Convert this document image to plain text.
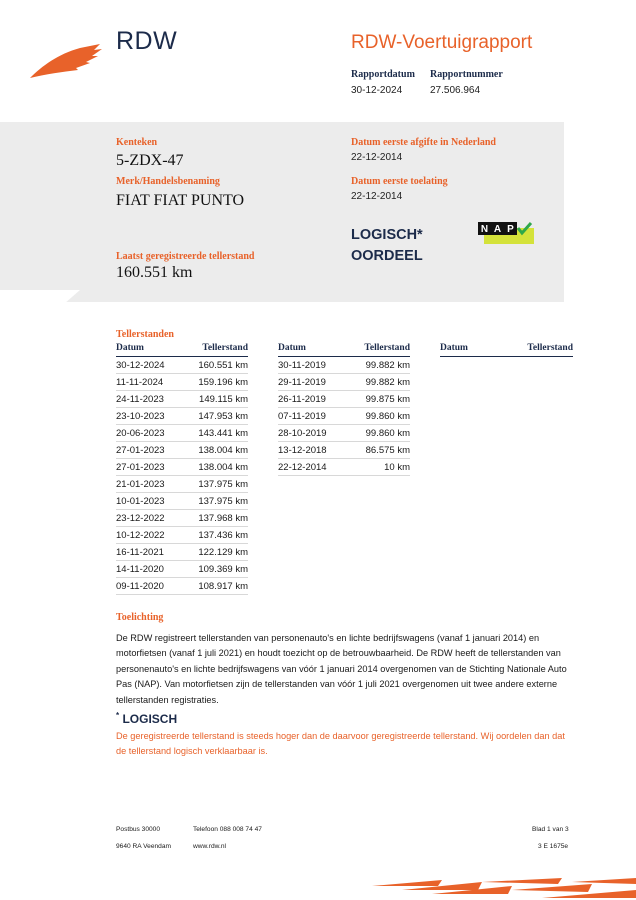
RDW	RDW-Voertuigrapport
Rapportdatum
30-12-2024
Rapportnummer
27.506.964
Kenteken
5-ZDX-47
Merk/Handelsbenaming
FIAT FIAT PUNTO
Laatst geregistreerde tellerstand
160.551 km
Datum eerste afgifte in Nederland
22-12-2014
Datum eerste toelating
22-12-2014
LOGISCH*
OORDEEL
N A P
Tellerstanden
Datum	Tellerstand
30-12-2024	160.551 km
11-11-2024	159.196 km
24-11-2023	149.115 km
23-10-2023	147.953 km
20-06-2023	143.441 km
27-01-2023	138.004 km
27-01-2023	138.004 km
21-01-2023	137.975 km
10-01-2023	137.975 km
23-12-2022	137.968 km
10-12-2022	137.436 km
16-11-2021	122.129 km
14-11-2020	109.369 km
09-11-2020	108.917 km
Datum	Tellerstand
30-11-2019	99.882 km
29-11-2019	99.882 km
26-11-2019	99.875 km
07-11-2019	99.860 km
28-10-2019	99.860 km
13-12-2018	86.575 km
22-12-2014	10 km
Datum	Tellerstand
Toelichting
De RDW registreert tellerstanden van personenauto's en lichte bedrijfswagens (vanaf 1 januari 2014) en motorfietsen (vanaf 1 juli 2021) en houdt toezicht op de betrouwbaarheid. De RDW heeft de tellerstanden van personenauto's en lichte bedrijfswagens van vóór 1 januari 2014 overgenomen van de Stichting Nationale Auto Pas (NAP). Van motorfietsen zijn de tellerstanden van vóór 1 juli 2021 overgenomen uit twee andere externe tellerstanden registraties.
* LOGISCH
De geregistreerde tellerstand is steeds hoger dan de daarvoor geregistreerde tellerstand. Wij oordelen dan dat de tellerstand logisch verklaarbaar is.
Postbus 30000
9640 RA Veendam
Telefoon 088 008 74 47
www.rdw.nl
Blad 1 van 3
3 E 1675e
